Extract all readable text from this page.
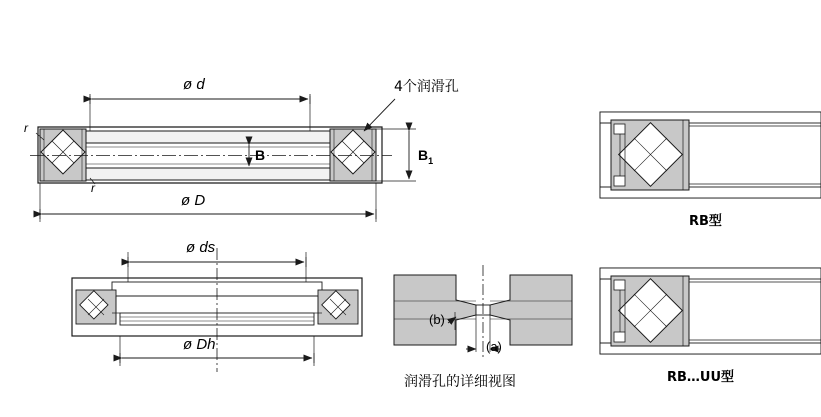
ø d
ø D
B	$B_1$
r
r
4个润滑孔
ø ds
ø Dh
(b)
(a)
润滑孔的详细视图
RB型
RB…UU型
